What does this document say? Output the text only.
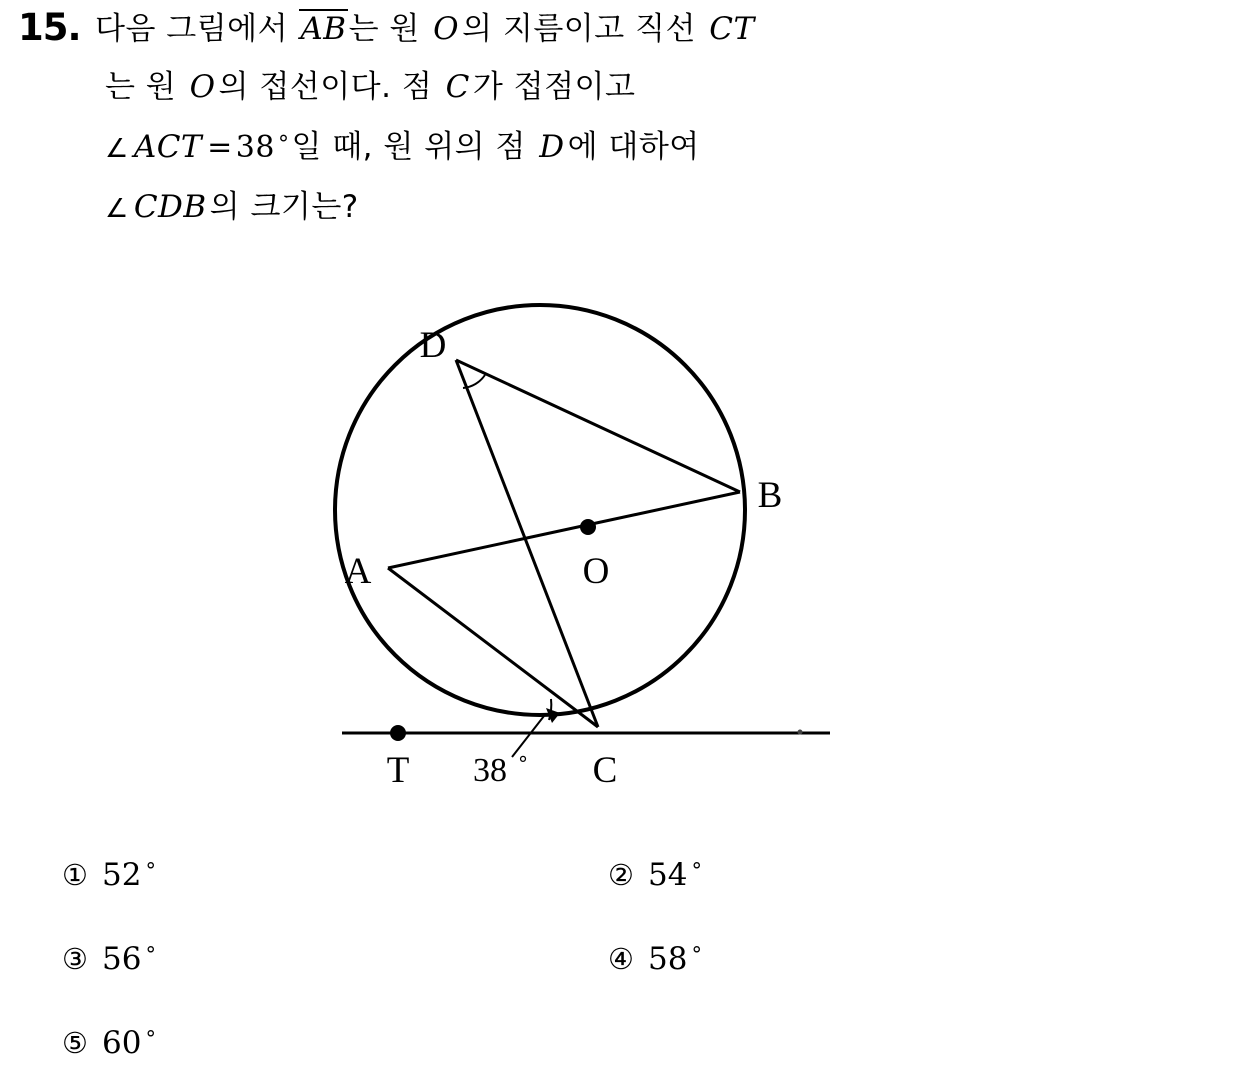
15. 다음 그림에서 AB는 원 O의 지름이고 직선 CT
는 원 O의 접선이다. 점 C가 접점이고
∠ ACT = 38 °일 때, 원 위의 점 D에 대하여
∠ CDB의 크기는?
D
B
A	O
T	C
38 °
① 52 °	② 54 °
③ 56 °	④ 58 °
⑤ 60 °
